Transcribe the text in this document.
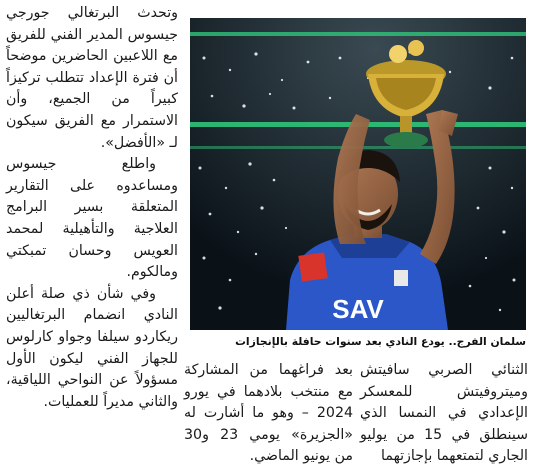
وتحدث البرتغالي جورجي جيسوس المدير الفني للفريق مع اللاعبين الحاضرين موضحاً أن فترة الإعداد تتطلب تركيزاً كبيراً من الجميع، وأن الاستمرار مع الفريق سيكون لـ «الأفضل».

واطلع جيسوس ومساعدوه على التقارير المتعلقة بسير البرامج العلاجية والتأهيلية لمحمد العويس وحسان تمبكتي ومالكوم.

وفي شأن ذي صلة أعلن النادي انضمام البرتغاليين ريكاردو سيلفا وجواو كارلوس للجهاز الفني ليكون الأول مسؤولاً عن النواحي اللياقية، والثاني مديراً للعمليات.

SAV
سلمان الفرج.. يودع النادي بعد سنوات حافلة بالإنجازات

الثنائي الصربي سافيتش وميتروفيتش للمعسكر الإعدادي في النمسا الذي سينطلق في 15 من يوليو الجاري لتمتعهما بإجازتهما

بعد فراغهما من المشاركة مع منتخب بلادهما في يورو 2024 – وهو ما أشارت له «الجزيرة» يومي 23 و30 من يونيو الماضي.
